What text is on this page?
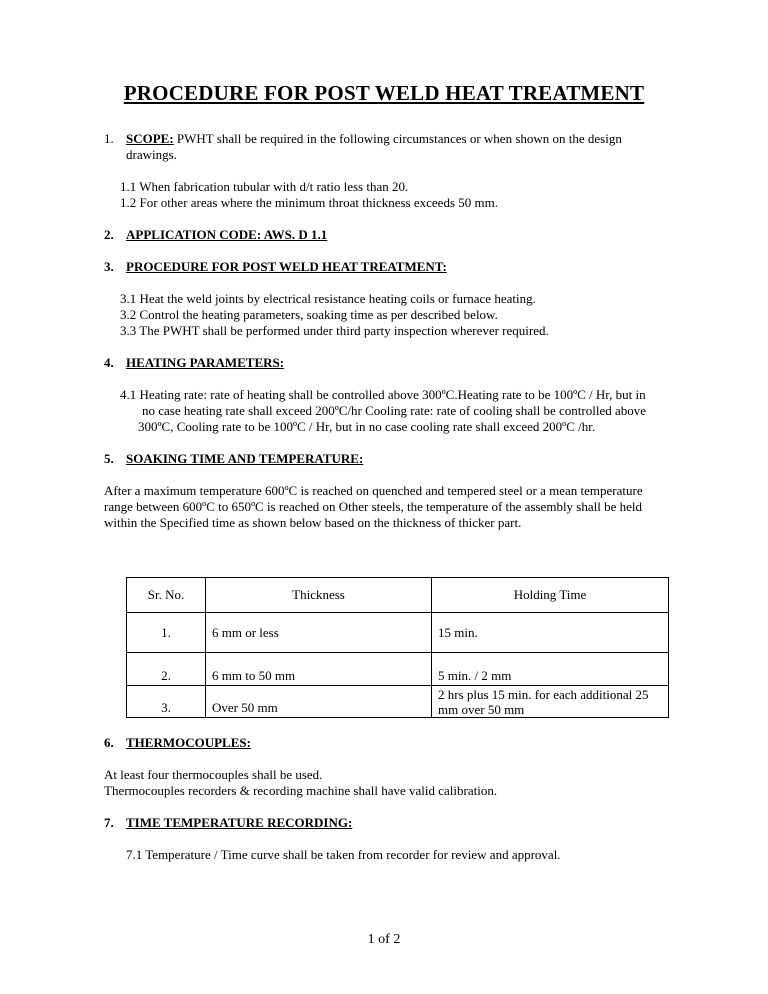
PROCEDURE FOR POST WELD HEAT TREATMENT
1. SCOPE: PWHT shall be required in the following circumstances or when shown on the design
drawings.
1.1 When fabrication tubular with d/t ratio less than 20.
1.2 For other areas where the minimum throat thickness exceeds 50 mm.
2. APPLICATION CODE: AWS. D 1.1
3. PROCEDURE FOR POST WELD HEAT TREATMENT:
3.1 Heat the weld joints by electrical resistance heating coils or furnace heating.
3.2 Control the heating parameters, soaking time as per described below.
3.3 The PWHT shall be performed under third party inspection wherever required.
4. HEATING PARAMETERS:
4.1 Heating rate: rate of heating shall be controlled above 300ºC.Heating rate to be 100ºC / Hr, but in
no case heating rate shall exceed 200ºC/hr Cooling rate: rate of cooling shall be controlled above
300ºC, Cooling rate to be 100ºC / Hr, but in no case cooling rate shall exceed 200ºC /hr.
5. SOAKING TIME AND TEMPERATURE:
After a maximum temperature 600ºC is reached on quenched and tempered steel or a mean temperature
range between 600ºC to 650ºC is reached on Other steels, the temperature of the assembly shall be held
within the Specified time as shown below based on the thickness of thicker part.
Sr. No.	Thickness	Holding Time
1.	6 mm or less	15 min.
2.	6 mm to 50 mm	5 min. / 2 mm
3.	Over 50 mm	2 hrs plus 15 min. for each additional 25
mm over 50 mm
6. THERMOCOUPLES:
At least four thermocouples shall be used.
Thermocouples recorders & recording machine shall have valid calibration.
7. TIME TEMPERATURE RECORDING:
7.1 Temperature / Time curve shall be taken from recorder for review and approval.
1 of 2
